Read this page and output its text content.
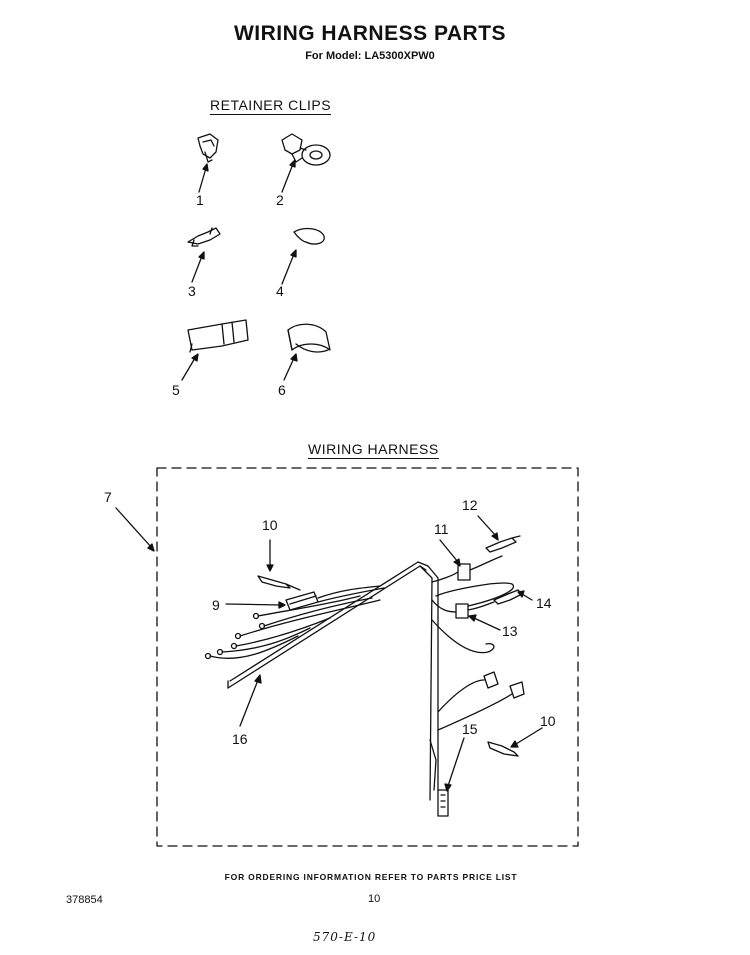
WIRING HARNESS PARTS
For Model: LA5300XPW0
RETAINER CLIPS
WIRING HARNESS
1	2
3	4
5	6
7
9
10	11
12
13
14
15	10
16
FOR ORDERING INFORMATION REFER TO PARTS PRICE LIST
378854	10
570-E-10
